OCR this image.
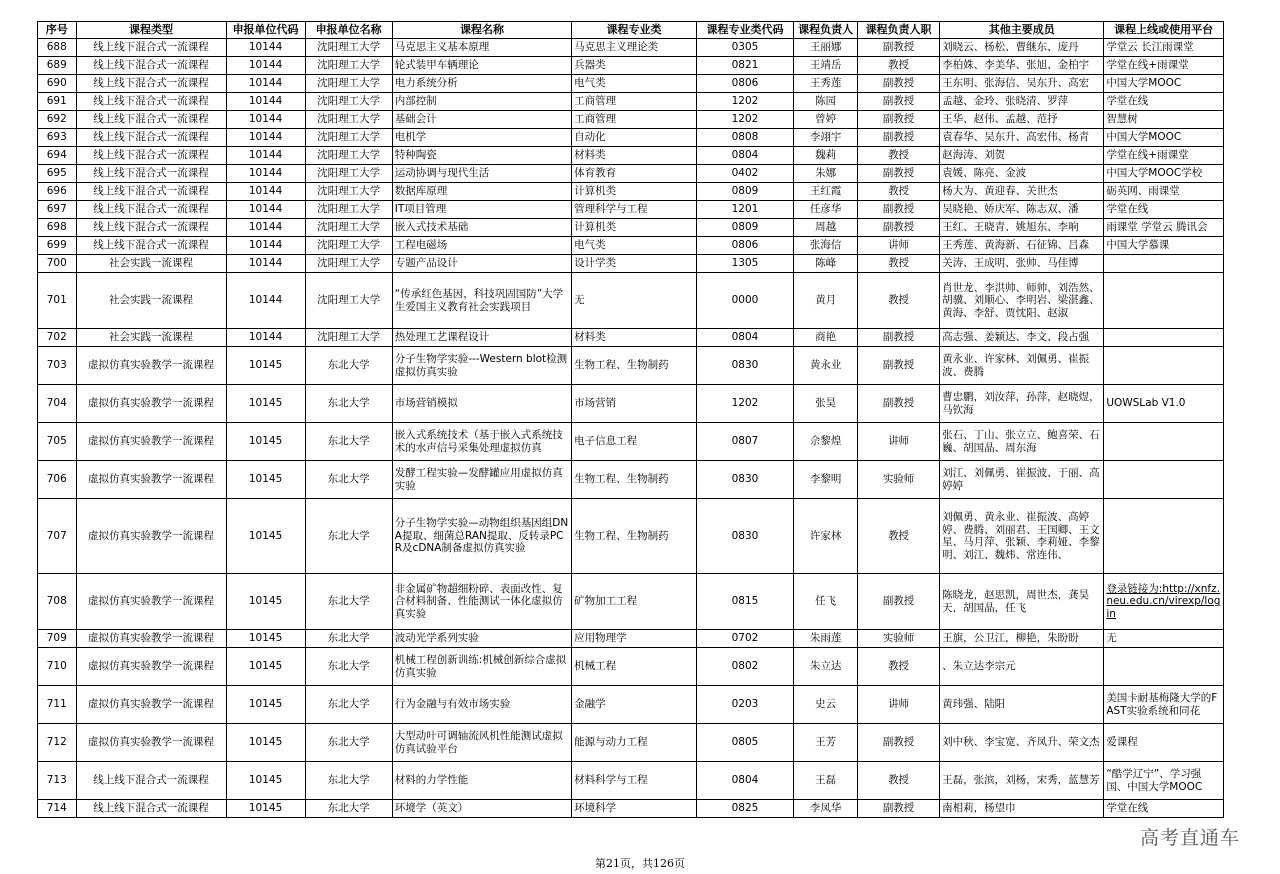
序号	课程类型	申报单位代码	申报单位名称	课程名称	课程专业类	课程专业类代码	课程负责人	课程负责人职	其他主要成员	课程上线或使用平台
688	线上线下混合式一流课程	10144	沈阳理工大学	马克思主义基本原理	马克思主义理论类	0305	王丽娜	副教授	刘晓云、杨松、曹继东、庞丹	学堂云 长江雨课堂
689	线上线下混合式一流课程	10144	沈阳理工大学	轮式装甲车辆理论	兵器类	0821	王靖岳	教授	李柏姝、李美华、张旭、金柏宇	学堂在线+雨课堂
690	线上线下混合式一流课程	10144	沈阳理工大学	电力系统分析	电气类	0806	王秀莲	副教授	王东明、张海信、吴东升、高宏	中国大学MOOC
691	线上线下混合式一流课程	10144	沈阳理工大学	内部控制	工商管理	1202	陈园	副教授	孟越、金玲、张晓清、罗萍	学堂在线
692	线上线下混合式一流课程	10144	沈阳理工大学	基础会计	工商管理	1202	曾婷	副教授	王华、赵伟、孟越、范抒	智慧树
693	线上线下混合式一流课程	10144	沈阳理工大学	电机学	自动化	0808	李翊宇	副教授	袁春华、吴东升、高宏伟、杨青	中国大学MOOC
694	线上线下混合式一流课程	10144	沈阳理工大学	特种陶瓷	材料类	0804	魏莉	教授	赵海涛、刘贺	学堂在线+雨课堂
695	线上线下混合式一流课程	10144	沈阳理工大学	运动协调与现代生活	体育教育	0402	朱娜	副教授	袁媛、陈亮、金波	中国大学MOOC学校
696	线上线下混合式一流课程	10144	沈阳理工大学	数据库原理	计算机类	0809	王红霞	教授	杨大为、黄迎春、关世杰	砺英网、雨课堂
697	线上线下混合式一流课程	10144	沈阳理工大学	IT项目管理	管理科学与工程	1201	任彦华	副教授	吴晓艳、娇庆军、陈志双、潘	学堂在线
698	线上线下混合式一流课程	10144	沈阳理工大学	嵌入式技术基础	计算机类	0809	周越	副教授	王红、王晓青、姚旭东、李响	雨课堂 学堂云 腾讯会
699	线上线下混合式一流课程	10144	沈阳理工大学	工程电磁场	电气类	0806	张海信	讲师	王秀莲、黄海新、石征锦、吕森	中国大学慕课
700	社会实践一流课程	10144	沈阳理工大学	专题产品设计	设计学类	1305	陈峰	教授	关涛、王成明、张帅、马佳博	
701	社会实践一流课程	10144	沈阳理工大学	“传承红色基因，科技巩固国防”大学生爱国主义教育社会实践项目	无	0000	黄月	教授	肖世龙、李洪帅、师帅、刘浩然、胡骥、刘顺心、李明岩、梁湛鑫、黄海、李舒、贾忱阳、赵淑	
702	社会实践一流课程	10144	沈阳理工大学	热处理工艺课程设计	材料类	0804	商艳	副教授	高志强、姜颖达、李文、段占强	
703	虚拟仿真实验教学一流课程	10145	东北大学	分子生物学实验---Western blot检测虚拟仿真实验	生物工程、生物制药	0830	黄永业	副教授	黄永业、许家林、刘佩勇、崔振波、费腾	
704	虚拟仿真实验教学一流课程	10145	东北大学	市场营销模拟	市场营销	1202	张昊	副教授	曹忠鹏，刘汝萍，孙萍，赵晓煜，马钦海	UOWSLab V1.0
705	虚拟仿真实验教学一流课程	10145	东北大学	嵌入式系统技术（基于嵌入式系统技术的水声信号采集处理虚拟仿真	电子信息工程	0807	佘黎煌	讲师	张石、丁山、张立立、鲍喜荣、石巍、胡国晶、周东海	
706	虚拟仿真实验教学一流课程	10145	东北大学	发酵工程实验—发酵罐应用虚拟仿真实验	生物工程、生物制药	0830	李黎明	实验师	刘江、刘佩勇、崔振波、于丽、高婷婷	
707	虚拟仿真实验教学一流课程	10145	东北大学	分子生物学实验—动物组织基因组DNA提取、细菌总RAN提取、反转录PCR及cDNA制备虚拟仿真实验	生物工程、生物制药	0830	许家林	教授	刘佩勇、黄永业、崔振波、高婷婷、费腾、刘丽君、王国卿、王文星、马月萍、张颖、李莉娅、李黎明、刘江、魏炜、常连伟、	
708	虚拟仿真实验教学一流课程	10145	东北大学	非金属矿物超细粉碎、表面改性、复合材料制备、性能测试一体化虚拟仿真实验	矿物加工工程	0815	任飞	副教授	陈晓龙，赵思凯，周世杰，龚昊天，胡国晶，任飞	登录链接为:http://xnfz.neu.edu.cn/virexp/login
709	虚拟仿真实验教学一流课程	10145	东北大学	波动光学系列实验	应用物理学	0702	朱雨莲	实验师	王旗，公卫江，柳艳，朱盼盼	无
710	虚拟仿真实验教学一流课程	10145	东北大学	机械工程创新训练:机械创新综合虚拟仿真实验	机械工程	0802	朱立达	教授	、朱立达李宗元	
711	虚拟仿真实验教学一流课程	10145	东北大学	行为金融与有效市场实验	金融学	0203	史云	讲师	黄玮强、陆阳	美国卡耐基梅隆大学的FAST实验系统和同花
712	虚拟仿真实验教学一流课程	10145	东北大学	大型动叶可调轴流风机性能测试虚拟仿真试验平台	能源与动力工程	0805	王芳	副教授	刘中秋、李宝宽、齐凤升、荣文杰	爱课程
713	线上线下混合式一流课程	10145	东北大学	材料的力学性能	材料科学与工程	0804	王磊	教授	王磊，张滨，刘杨，宋秀，蓝慧芳	“酷学辽宁”、学习强国、中国大学MOOC
714	线上线下混合式一流课程	10145	东北大学	环境学（英文）	环境科学	0825	李凤华	副教授	南相莉，杨望巾	学堂在线
第21页，共126页
高考直通车
